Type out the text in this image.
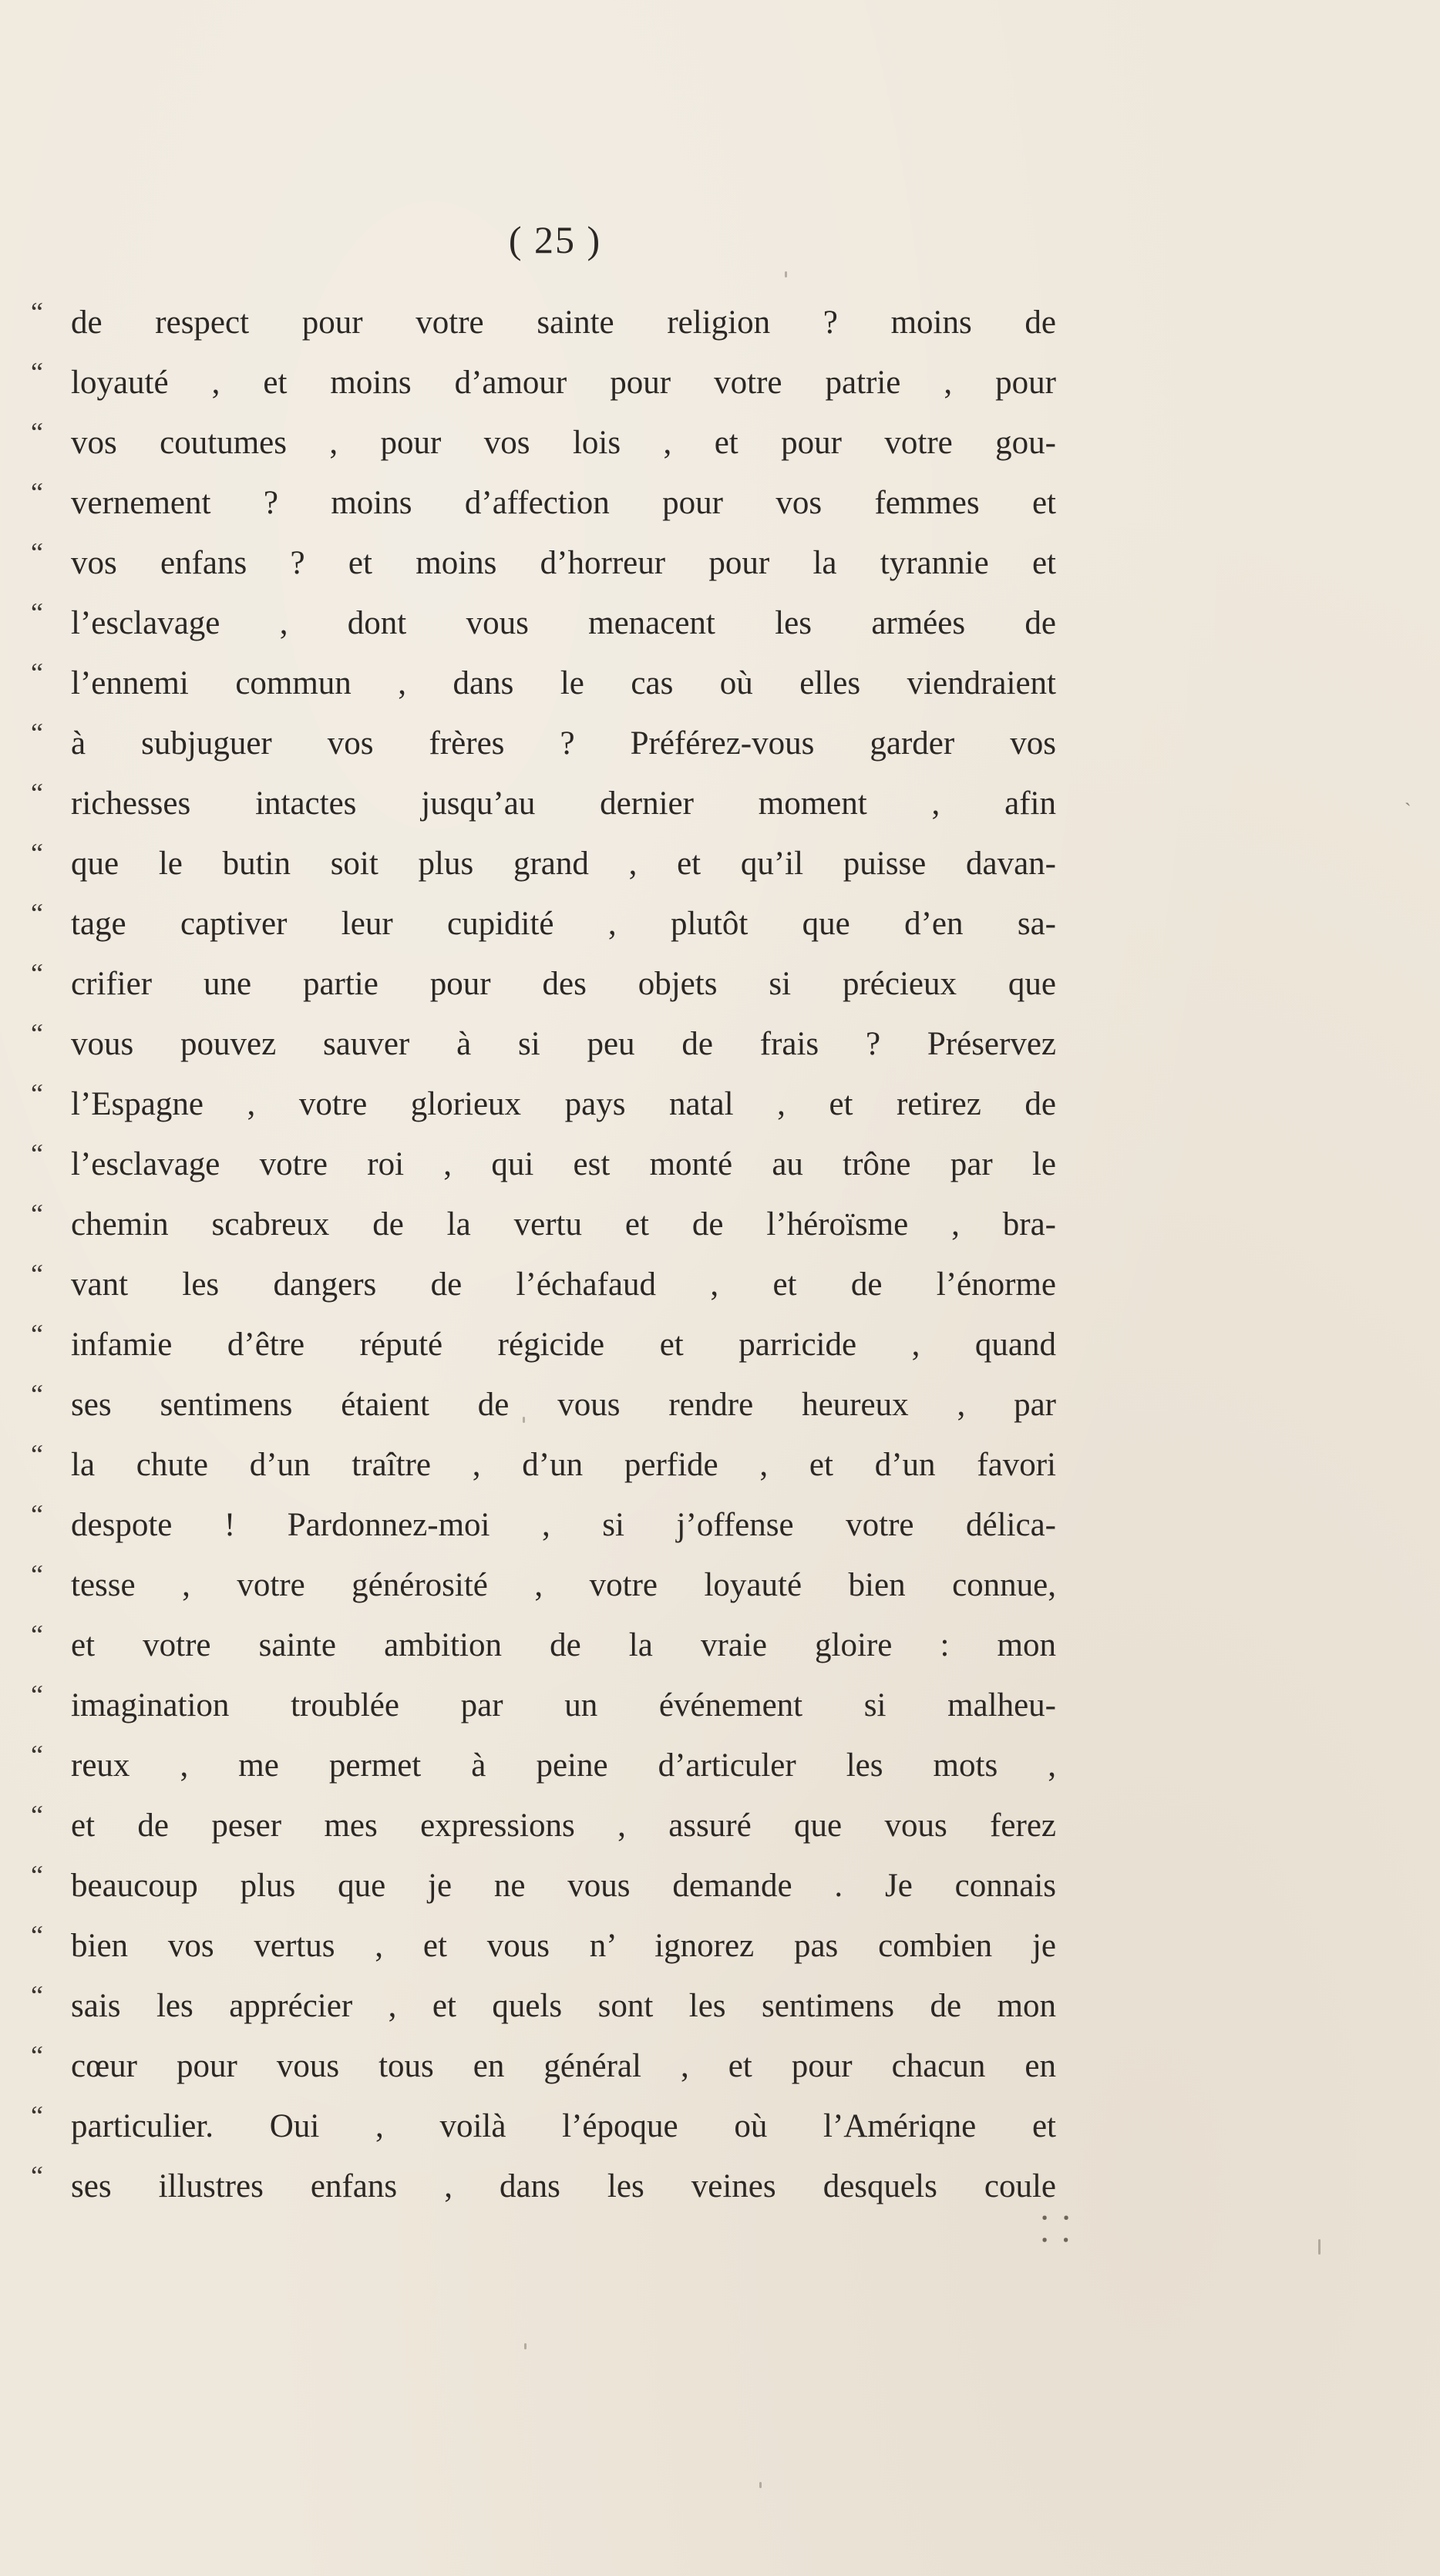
( 25 )
“ de respect pour votre sainte religion ? moins de
“ loyauté , et moins d’amour pour votre patrie , pour
“ vos coutumes , pour vos lois , et pour votre gou-
“ vernement ? moins d’affection pour vos femmes et
“ vos enfans ? et moins d’horreur pour la tyrannie et
“ l’esclavage , dont vous menacent les armées de
“ l’ennemi commun , dans le cas où elles viendraient
“ à subjuguer vos frères ? Préférez-vous garder vos
“ richesses intactes jusqu’au dernier moment , afin
“ que le butin soit plus grand , et qu’il puisse davan-
“ tage captiver leur cupidité , plutôt que d’en sa-
“ crifier une partie pour des objets si précieux que
“ vous pouvez sauver à si peu de frais ? Préservez
“ l’Espagne , votre glorieux pays natal , et retirez de
“ l’esclavage votre roi , qui est monté au trône par le
“ chemin scabreux de la vertu et de l’héroïsme , bra-
“ vant les dangers de l’échafaud , et de l’énorme
“ infamie d’être réputé régicide et parricide , quand
“ ses sentimens étaient de vous rendre heureux , par
“ la chute d’un traître , d’un perfide , et d’un favori
“ despote ! Pardonnez-moi , si j’offense votre délica-
“ tesse , votre générosité , votre loyauté bien connue,
“ et votre sainte ambition de la vraie gloire : mon
“ imagination troublée par un événement si malheu-
“ reux , me permet à peine d’articuler les mots ,
“ et de peser mes expressions , assuré que vous ferez
“ beaucoup plus que je ne vous demande . Je connais
“ bien vos vertus , et vous n’ ignorez pas combien je
“ sais les apprécier , et quels sont les sentimens de mon
“ cœur pour vous tous en général , et pour chacun en
“ particulier. Oui , voilà l’époque où l’Amériqne et
“ ses illustres enfans , dans les veines desquels coule
⸬
˴
